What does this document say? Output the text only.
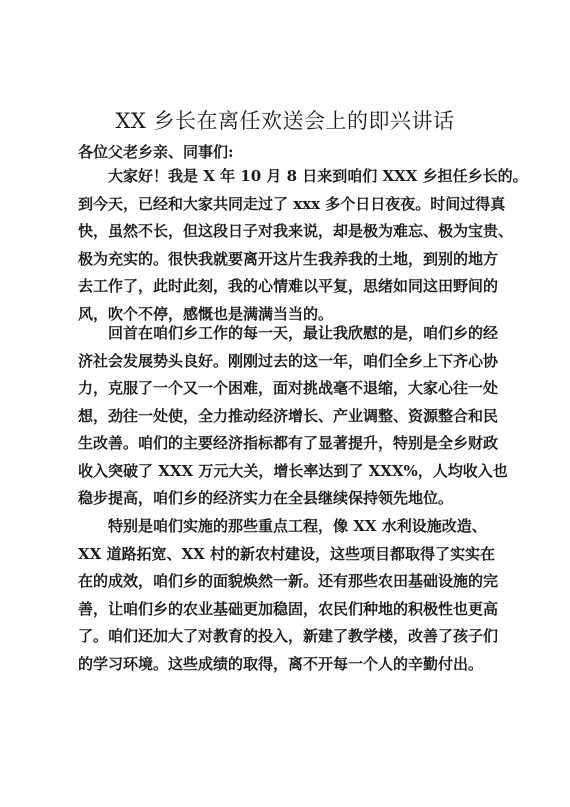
XX 乡长在离任欢送会上的即兴讲话

各位父老乡亲、同事们:

　　大家好！我是 X 年 10 月 8 日来到咱们 XXX 乡担任乡长的。
到今天，已经和大家共同走过了 xxx 多个日日夜夜。时间过得真
快，虽然不长，但这段日子对我来说，却是极为难忘、极为宝贵、
极为充实的。很快我就要离开这片生我养我的土地，到别的地方
去工作了，此时此刻，我的心情难以平复，思绪如同这田野间的
风，吹个不停，感慨也是满满当当的。
　　回首在咱们乡工作的每一天，最让我欣慰的是，咱们乡的经
济社会发展势头良好。刚刚过去的这一年，咱们全乡上下齐心协
力，克服了一个又一个困难，面对挑战毫不退缩，大家心往一处
想，劲往一处使，全力推动经济增长、产业调整、资源整合和民
生改善。咱们的主要经济指标都有了显著提升，特别是全乡财政
收入突破了 XXX 万元大关，增长率达到了 XXX%，人均收入也
稳步提高，咱们乡的经济实力在全县继续保持领先地位。
　　特别是咱们实施的那些重点工程，像 XX 水利设施改造、
XX 道路拓宽、XX 村的新农村建设，这些项目都取得了实实在
在的成效，咱们乡的面貌焕然一新。还有那些农田基础设施的完
善，让咱们乡的农业基础更加稳固，农民们种地的积极性也更高
了。咱们还加大了对教育的投入，新建了教学楼，改善了孩子们
的学习环境。这些成绩的取得，离不开每一个人的辛勤付出。
